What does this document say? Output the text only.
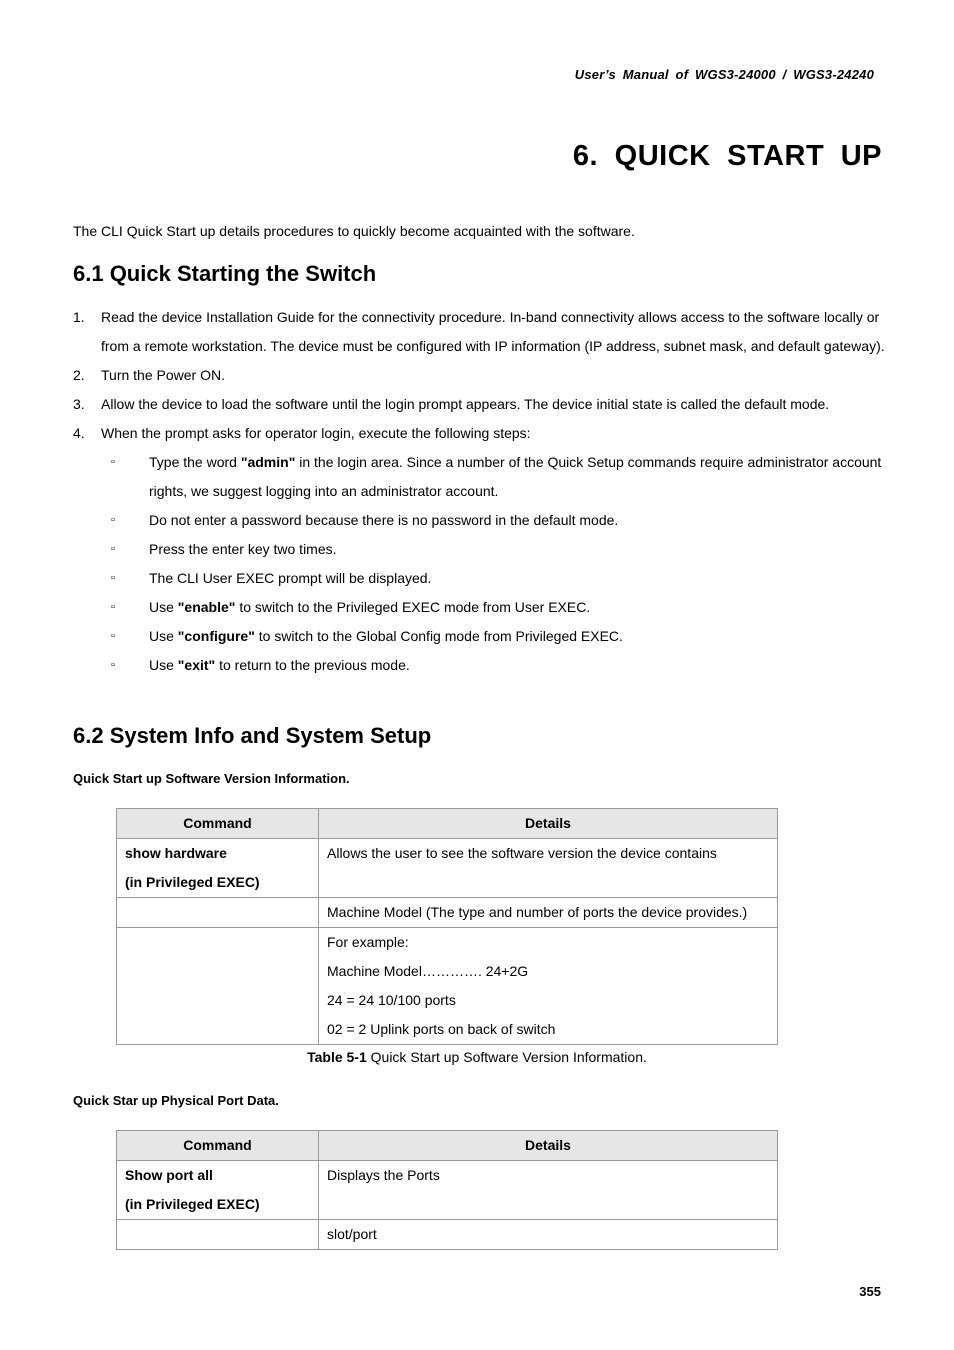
User’s Manual of WGS3-24000 / WGS3-24240
6. QUICK START UP
The CLI Quick Start up details procedures to quickly become acquainted with the software.
6.1 Quick Starting the Switch
1. Read the device Installation Guide for the connectivity procedure. In-band connectivity allows access to the software locally or from a remote workstation. The device must be configured with IP information (IP address, subnet mask, and default gateway).
2. Turn the Power ON.
3. Allow the device to load the software until the login prompt appears. The device initial state is called the default mode.
4. When the prompt asks for operator login, execute the following steps:
▫ Type the word "admin" in the login area. Since a number of the Quick Setup commands require administrator account rights, we suggest logging into an administrator account.
▫ Do not enter a password because there is no password in the default mode.
▫ Press the enter key two times.
▫ The CLI User EXEC prompt will be displayed.
▫ Use "enable" to switch to the Privileged EXEC mode from User EXEC.
▫ Use "configure" to switch to the Global Config mode from Privileged EXEC.
▫ Use "exit" to return to the previous mode.
6.2 System Info and System Setup
Quick Start up Software Version Information.
Command	Details

show hardware
(in Privileged EXEC)	Allows the user to see the software version the device contains

	Machine Model (The type and number of ports the device provides.)

	For example:
Machine Model…………. 24+2G
24 = 24 10/100 ports
02 = 2 Uplink ports on back of switch
Table 5-1 Quick Start up Software Version Information.
Quick Star up Physical Port Data.
Command	Details

Show port all
(in Privileged EXEC)	Displays the Ports

	slot/port
355
